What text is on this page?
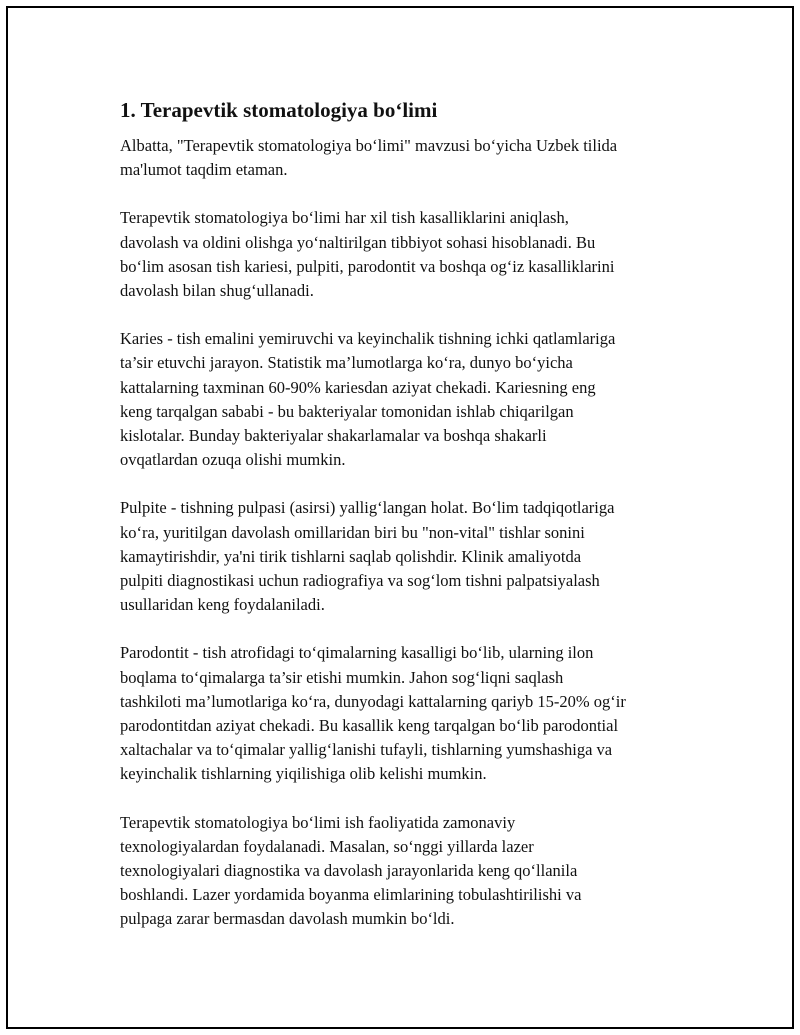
1. Terapevtik stomatologiya bo‘limi

Albatta, "Terapevtik stomatologiya bo‘limi" mavzusi bo‘yicha Uzbek tilida
ma'lumot taqdim etaman.

Terapevtik stomatologiya bo‘limi har xil tish kasalliklarini aniqlash,
davolash va oldini olishga yo‘naltirilgan tibbiyot sohasi hisoblanadi. Bu
bo‘lim asosan tish kariesi, pulpiti, parodontit va boshqa og‘iz kasalliklarini
davolash bilan shug‘ullanadi.

Karies - tish emalini yemiruvchi va keyinchalik tishning ichki qatlamlariga
ta’sir etuvchi jarayon. Statistik ma’lumotlarga ko‘ra, dunyo bo‘yicha
kattalarning taxminan 60-90% kariesdan aziyat chekadi. Kariesning eng
keng tarqalgan sababi - bu bakteriyalar tomonidan ishlab chiqarilgan
kislotalar. Bunday bakteriyalar shakarlamalar va boshqa shakarli
ovqatlardan ozuqa olishi mumkin.

Pulpite - tishning pulpasi (asirsi) yallig‘langan holat. Bo‘lim tadqiqotlariga
ko‘ra, yuritilgan davolash omillaridan biri bu "non-vital" tishlar sonini
kamaytirishdir, ya'ni tirik tishlarni saqlab qolishdir. Klinik amaliyotda
pulpiti diagnostikasi uchun radiografiya va sog‘lom tishni palpatsiyalash
usullaridan keng foydalaniladi.

Parodontit - tish atrofidagi to‘qimalarning kasalligi bo‘lib, ularning ilon
boqlama to‘qimalarga ta’sir etishi mumkin. Jahon sog‘liqni saqlash
tashkiloti ma’lumotlariga ko‘ra, dunyodagi kattalarning qariyb 15-20% og‘ir
parodontitdan aziyat chekadi. Bu kasallik keng tarqalgan bo‘lib parodontial
xaltachalar va to‘qimalar yallig‘lanishi tufayli, tishlarning yumshashiga va
keyinchalik tishlarning yiqilishiga olib kelishi mumkin.

Terapevtik stomatologiya bo‘limi ish faoliyatida zamonaviy
texnologiyalardan foydalanadi. Masalan, so‘nggi yillarda lazer
texnologiyalari diagnostika va davolash jarayonlarida keng qo‘llanila
boshlandi. Lazer yordamida boyanma elimlarining tobulashtirilishi va
pulpaga zarar bermasdan davolash mumkin bo‘ldi.
